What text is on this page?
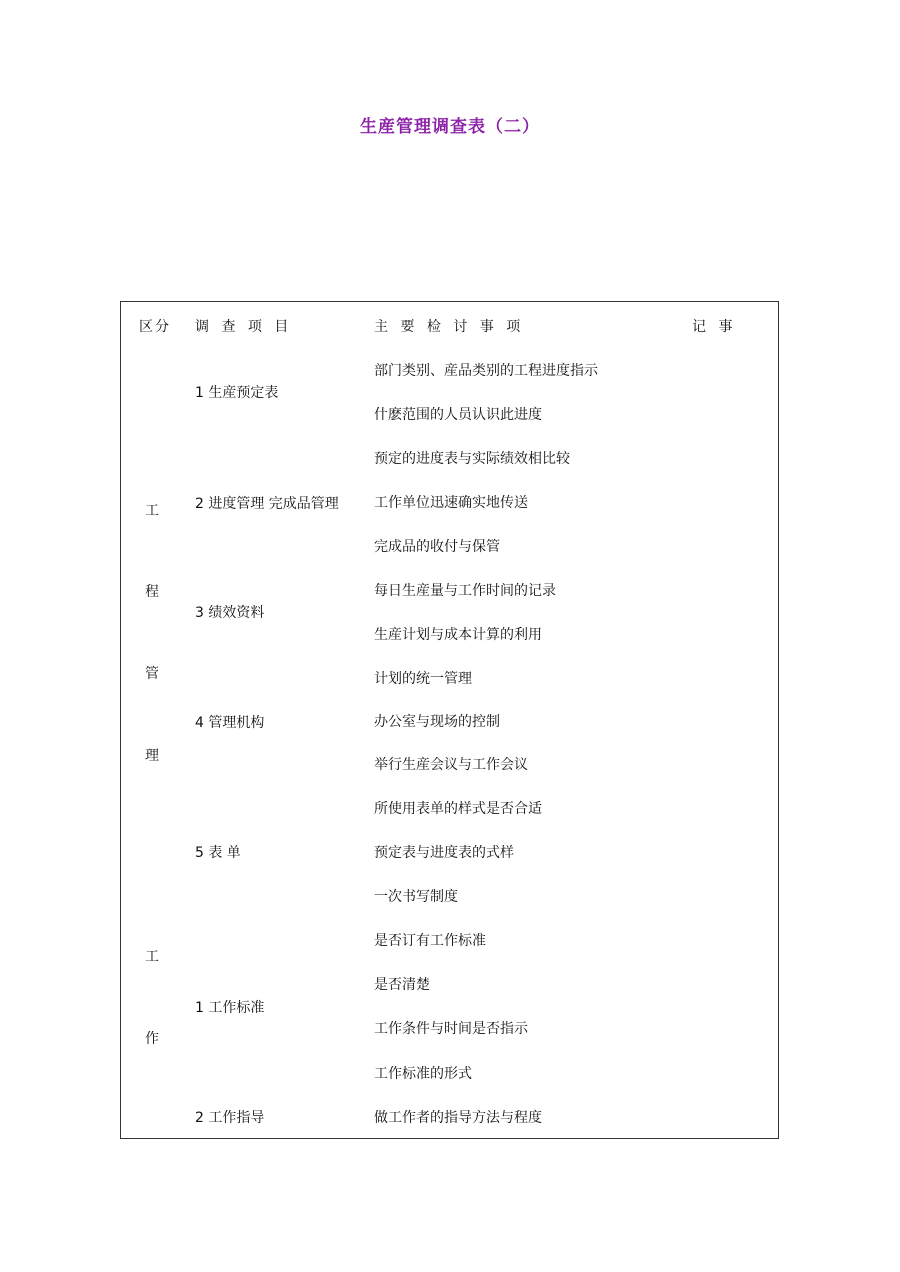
生産管理调查表（二）
区分 调 查 项 目	主 要 检 讨 事 项	记 事
工
程
管
理
工
作
1 生産预定表
2 进度管理 完成品管理
3 绩效资料
4 管理机构
5 表 单
1 工作标准
2 工作指导
部门类别、産品类别的工程进度指示
什麽范围的人员认识此进度
预定的进度表与实际绩效相比较
工作单位迅速确实地传送
完成品的收付与保管
每日生産量与工作时间的记录
生産计划与成本计算的利用
计划的统一管理
办公室与现场的控制
举行生産会议与工作会议
所使用表单的样式是否合适
预定表与进度表的式样
一次书写制度
是否订有工作标准
是否清楚
工作条件与时间是否指示
工作标准的形式
做工作者的指导方法与程度
